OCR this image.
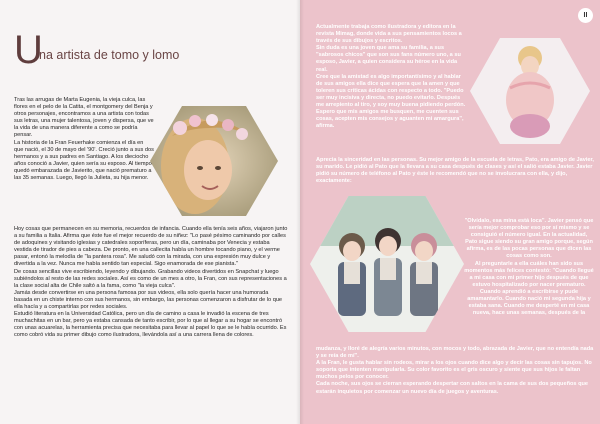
II
U
na artista de tomo y lomo

Tras las arrugas de Marta Eugenia, la vieja culca, las flores en el pelo de la Catita, el montgomery del Benja y otros personajes, encontramos a una artista con todas sus letras, una mujer talentosa, joven y dispersa, que ve la vida de una manera diferente a como se podría pensar.

La historia de la Fran Feuerhake comienza el día en que nació, el 30 de mayo del '90'. Creció junto a sus dos hermanos y a sus padres en Santiago. A los dieciocho años conoció a Javier, quien sería su esposo. Al tiempo quedó embarazada de Javierito, que nació prematuro a las 35 semanas. Luego, llegó la Julieta, su hija menor.

Hoy cosas que permanecen en su memoria, recuerdos de infancia. Cuando ella tenía seis años, viajaron junto a su familia a Italia. Afirma que éste fue el mejor recuerdo de su niñez: "Lo pasé pésimo caminando por calles de adoquines y visitando iglesias y catedrales soporíferas, pero un día, caminaba por Venecia y estaba vestida de tirador de pies a cabeza. De pronto, en una callecita había un hombre tocando piano, y el verme pasar, entonó la melodía de "la pantera rosa". Me saludó con la mirada, con una expresión muy dulce y divertida a la vez. Nunca me había sentido tan especial. Sigo enamorada de ese pianista."

De cosas sencillas vive escribiendo, leyendo y dibujando. Grabando videos divertidos en Snapchat y luego subiéndolos al resto de las redes sociales. Así es como de un mes a otro, la Fran, con sus representaciones a la clase social alta de Chile saltó a la fama, como "la vieja culca".

Jamás desde convertirse en una persona famosa por sus videos, ella solo quería hacer una humorada basada en un chiste interno con sus hermanos, sin embargo, las personas comenzaron a disfrutar de lo que ella hacía y a compartirlas por redes sociales.

Estudió literatura en la Universidad Católica, pero un día de camino a casa le invadió la escena de tres muchachitas en un bar, pero ya estaba cansada de tanto escribir, por lo que al llegar a su hogar se encontró con unas acuarelas, la herramienta precisa que necesitaba para llevar al papel lo que se le había ocurrido. Es como cobró vida su primer dibujo como ilustradora, llevándola así a una carrera llena de colores.

Actualmente trabaja como ilustradora y editora en la revista Mimag, donde vida a sus pensamientos locos a través de sus dibujos y escritos.

Sin duda es una joven que ama su familia, a sus "sabrosos chicos" que son sus fans número uno, a su esposo, Javier, a quien considera su héroe en la vida real.

Cree que la amistad es algo importantísimo y al hablar de sus amigos ella dice que espera que la amen y que toleren sus críticas ácidas con respecto a todo. "Puedo ser muy incisiva y directa, no puedo evitarlo. Después me arrepiento al tiro, y soy muy buena pidiendo perdón. Espero que mis amigos me busquen, me cuenten sus cosas, acepten mis consejos y aguanten mi amargura", afirma.

Aprecia la sinceridad en las personas. Su mejor amigo de la escuela de letras, Pato, era amigo de Javier, su marido. Le pidió al Pato que la llevara a su casa después de clases y así el salió estaba Javier. Javier pidió su número de teléfono al Pato y éste le recomendó que no se involucrara con ella, y dijo, exactamente:

"Olvídalo, esa mina está loca". Javier pensó que sería mejor comprobar eso por sí mismo y se consiguió el número igual. En la actualidad, Pato sigue siendo su gran amigo porque, según afirma, es de las pocas personas que dicen las cosas como son.

Al preguntarle a ella cuáles han sido sus momentos más felices contestó: "Cuando llegué a mi casa con mi primer hijo después de que estuvo hospitalizado por nacer prematuro. Cuando aprendió a escribirse y pude amamantarlo. Cuando nació mi segunda hija y estaba sana. Cuando me desperté en mi casa nueva, hace unas semanas, después de la

mudanza, y lloré de alegría varios minutos, con mocos y todo, abrazada de Javier, que no entendía nada y se reía de mí".

A la Fran, le gusta hablar sin rodeos, mirar a los ojos cuando dice algo y decir las cosas sin tapujos. No soporta que intenten manipularla. Su color favorito es el gris oscuro y siente que sus hijos le faltan muchos pelos por conocer.

Cada noche, sus ojos se cierran esperando despertar con saltos en la cama de sus dos pequeños que estarán inquietos por comenzar un nuevo día de juegos y aventuras.
